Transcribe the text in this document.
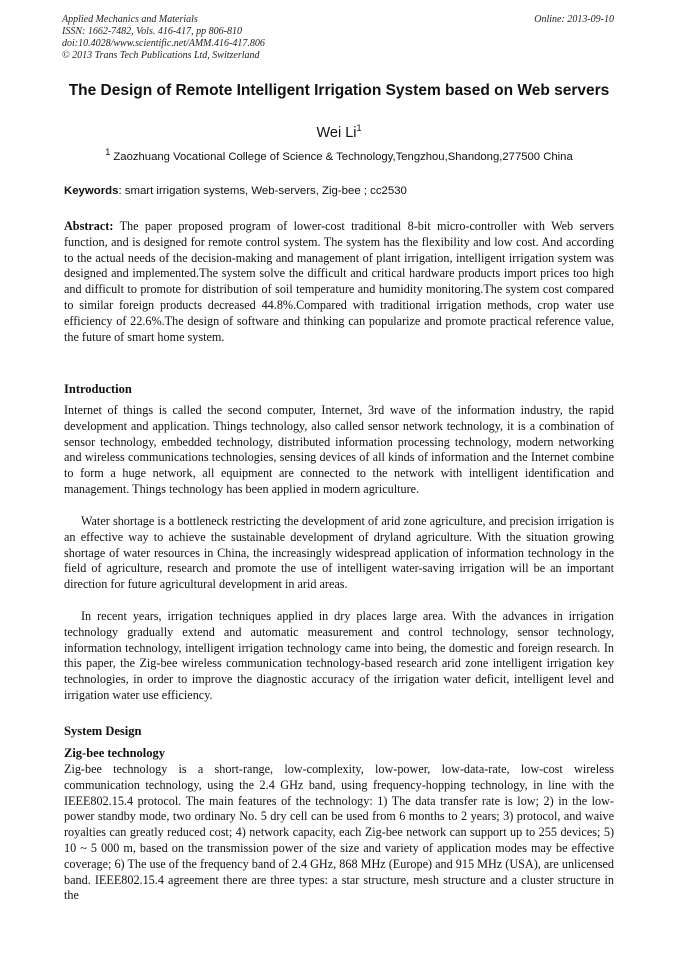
Applied Mechanics and Materials
ISSN: 1662-7482, Vols. 416-417, pp 806-810
doi:10.4028/www.scientific.net/AMM.416-417.806
© 2013 Trans Tech Publications Ltd, Switzerland
Online: 2013-09-10
The Design of Remote Intelligent Irrigation System based on Web servers
Wei Li$^1$
$^1$ Zaozhuang Vocational College of Science & Technology,Tengzhou,Shandong,277500 China
Keywords: smart irrigation systems, Web-servers, Zig-bee ; cc2530
Abstract: The paper proposed program of lower-cost traditional 8-bit micro-controller with Web servers function, and is designed for remote control system. The system has the flexibility and low cost. And according to the actual needs of the decision-making and management of plant irrigation, intelligent irrigation system was designed and implemented.The system solve the difficult and critical hardware products import prices too high and difficult to promote for distribution of soil temperature and humidity monitoring.The system cost compared to similar foreign products decreased 44.8%.Compared with traditional irrigation methods, crop water use efficiency of 22.6%.The design of software and thinking can popularize and promote practical reference value, the future of smart home system.
Introduction
Internet of things is called the second computer, Internet, 3rd wave of the information industry, the rapid development and application. Things technology, also called sensor network technology, it is a combination of sensor technology, embedded technology, distributed information processing technology, modern networking and wireless communications technologies, sensing devices of all kinds of information and the Internet combine to form a huge network, all equipment are connected to the network with intelligent identification and management. Things technology has been applied in modern agriculture.
Water shortage is a bottleneck restricting the development of arid zone agriculture, and precision irrigation is an effective way to achieve the sustainable development of dryland agriculture. With the situation growing shortage of water resources in China, the increasingly widespread application of information technology in the field of agriculture, research and promote the use of intelligent water-saving irrigation will be an important direction for future agricultural development in arid areas.
In recent years, irrigation techniques applied in dry places large area. With the advances in irrigation technology gradually extend and automatic measurement and control technology, sensor technology, information technology, intelligent irrigation technology came into being, the domestic and foreign research. In this paper, the Zig-bee wireless communication technology-based research arid zone intelligent irrigation key technologies, in order to improve the diagnostic accuracy of the irrigation water deficit, intelligent level and irrigation water use efficiency.
System Design
Zig-bee technology
Zig-bee technology is a short-range, low-complexity, low-power, low-data-rate, low-cost wireless communication technology, using the 2.4 GHz band, using frequency-hopping technology, in line with the IEEE802.15.4 protocol. The main features of the technology: 1) The data transfer rate is low; 2) in the low-power standby mode, two ordinary No. 5 dry cell can be used from 6 months to 2 years; 3) protocol, and waive royalties can greatly reduced cost; 4) network capacity, each Zig-bee network can support up to 255 devices; 5) 10 ~ 5 000 m, based on the transmission power of the size and variety of application modes may be effective coverage; 6) The use of the frequency band of 2.4 GHz, 868 MHz (Europe) and 915 MHz (USA), are unlicensed band. IEEE802.15.4 agreement there are three types: a star structure, mesh structure and a cluster structure in the
